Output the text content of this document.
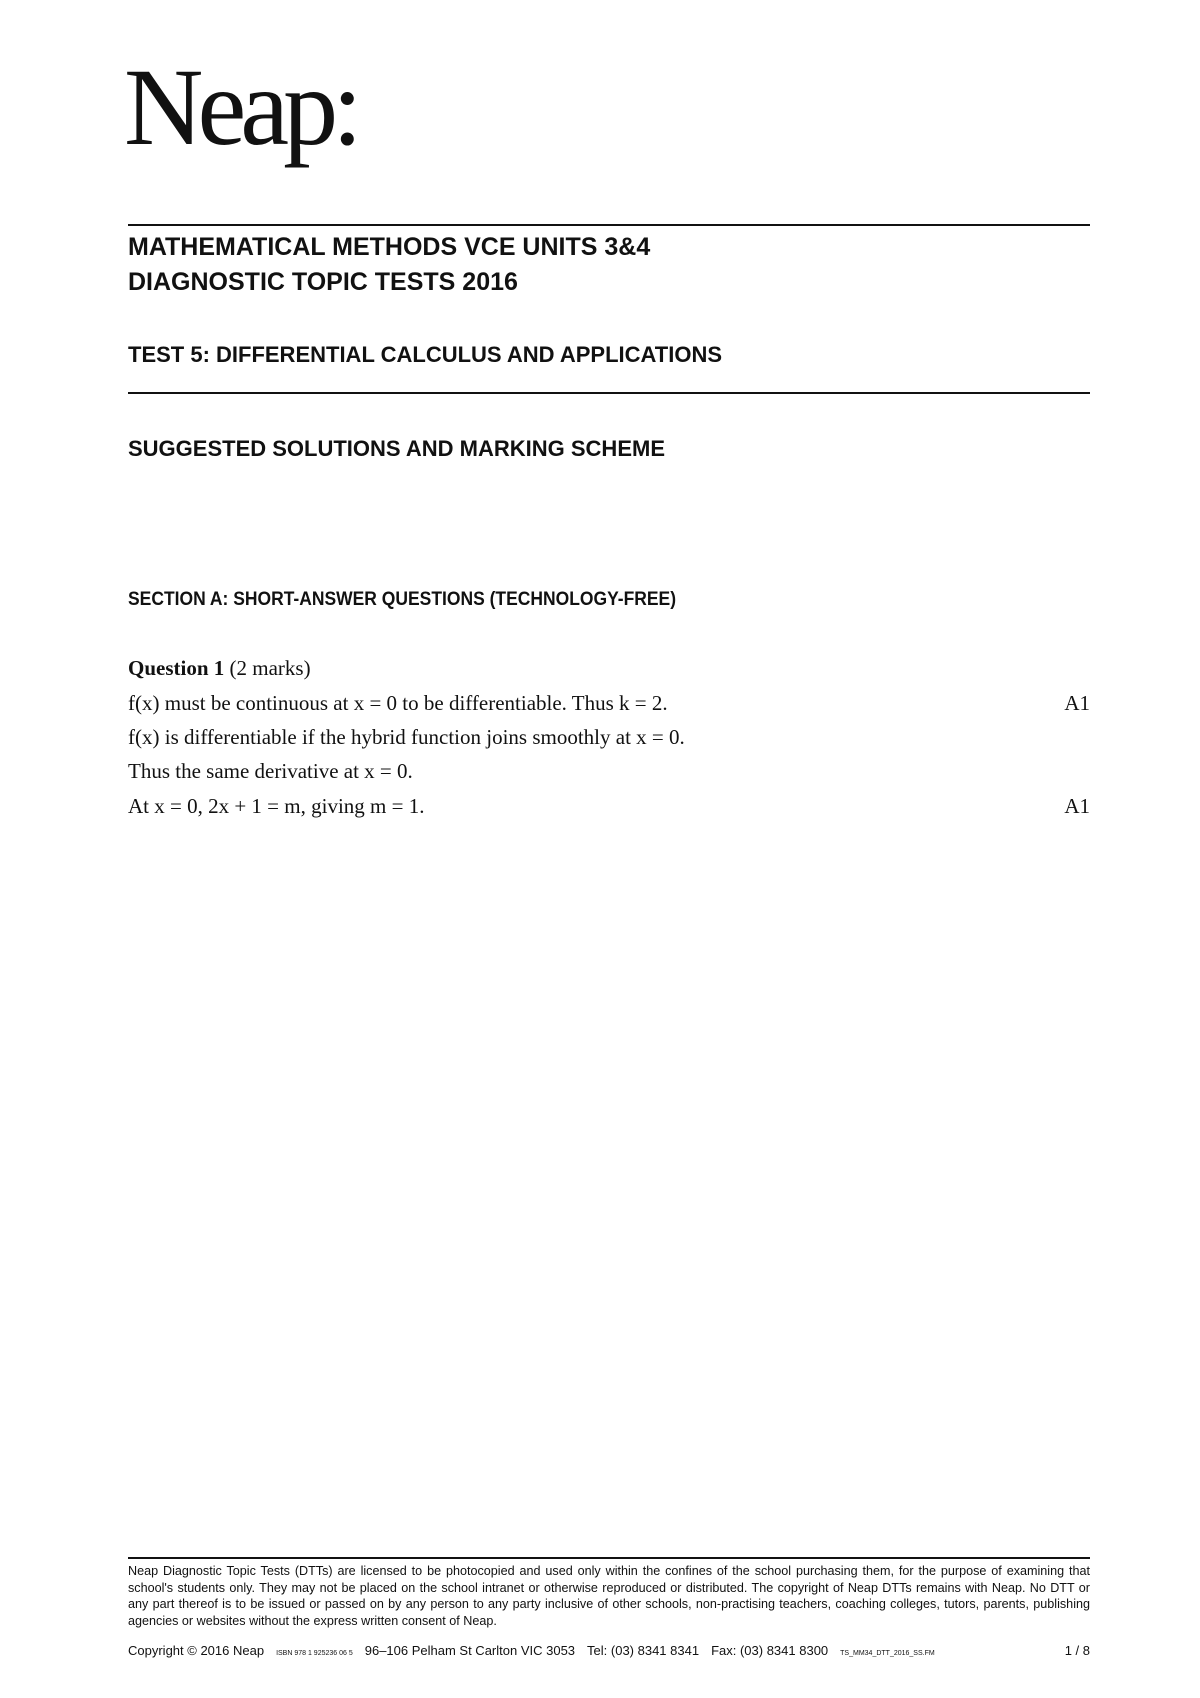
Neap:
MATHEMATICAL METHODS VCE UNITS 3&4
DIAGNOSTIC TOPIC TESTS 2016
TEST 5: DIFFERENTIAL CALCULUS AND APPLICATIONS
SUGGESTED SOLUTIONS AND MARKING SCHEME
SECTION A: SHORT-ANSWER QUESTIONS (TECHNOLOGY-FREE)
Question 1 (2 marks)
f(x) must be continuous at x = 0 to be differentiable. Thus k = 2.	A1
f(x) is differentiable if the hybrid function joins smoothly at x = 0.
Thus the same derivative at x = 0.
At x = 0, 2x + 1 = m, giving m = 1.	A1
Neap Diagnostic Topic Tests (DTTs) are licensed to be photocopied and used only within the confines of the school purchasing them, for the purpose of examining that school's students only. They may not be placed on the school intranet or otherwise reproduced or distributed. The copyright of Neap DTTs remains with Neap. No DTT or any part thereof is to be issued or passed on by any person to any party inclusive of other schools, non-practising teachers, coaching colleges, tutors, parents, publishing agencies or websites without the express written consent of Neap.
Copyright © 2016 Neap ISBN 978 1 925236 06 5 96–106 Pelham St Carlton VIC 3053 Tel: (03) 8341 8341 Fax: (03) 8341 8300 TS_MM34_DTT_2016_SS.FM	1 / 8
